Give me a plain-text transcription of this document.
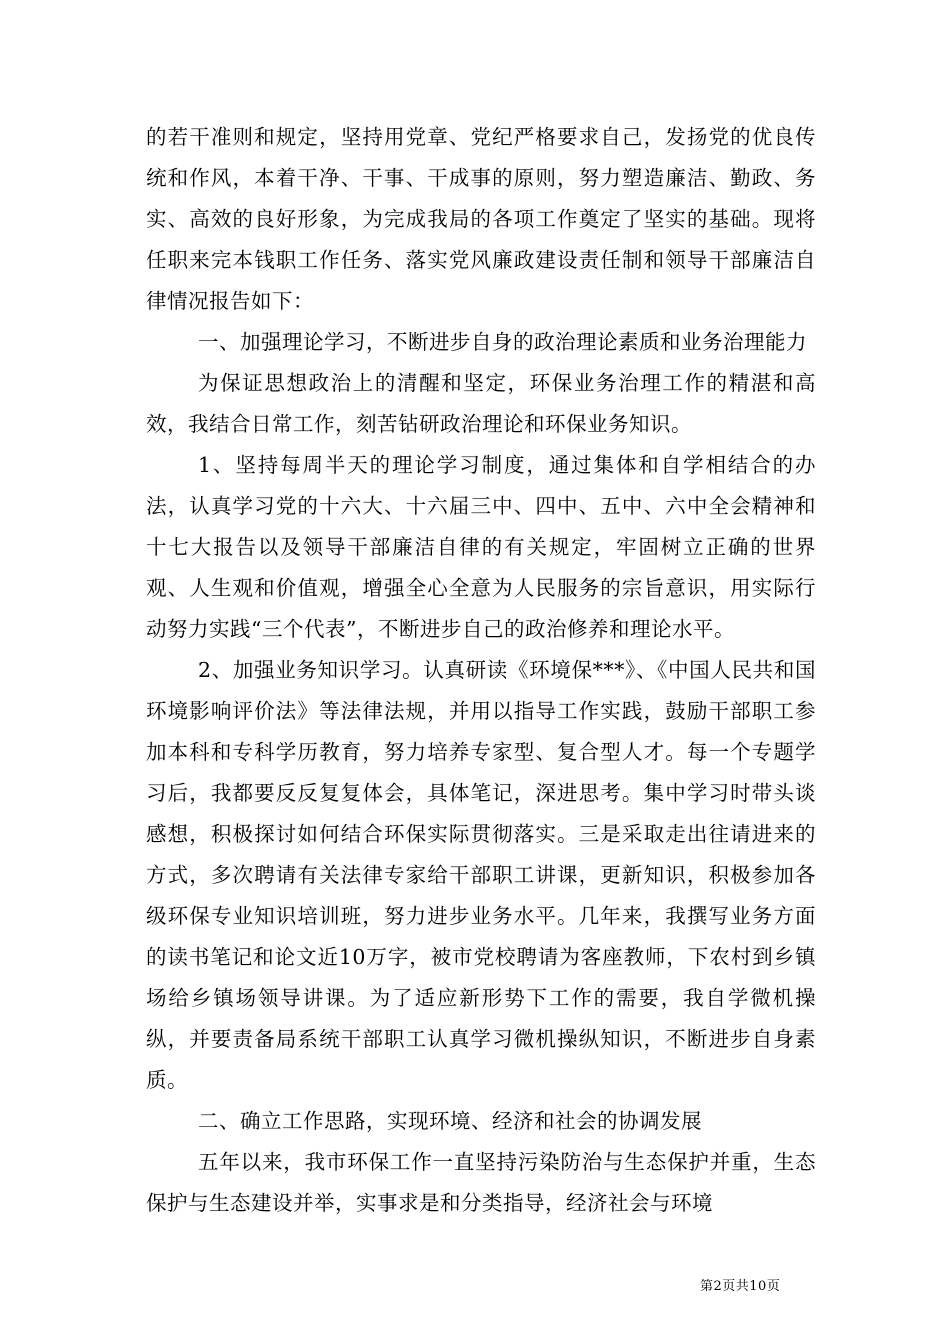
的若干准则和规定，坚持用党章、党纪严格要求自己，发扬党的优良传统和作风，本着干净、干事、干成事的原则，努力塑造廉洁、勤政、务实、高效的良好形象，为完成我局的各项工作奠定了坚实的基础。现将任职来完本钱职工作任务、落实党风廉政建设责任制和领导干部廉洁自律情况报告如下：

一、加强理论学习，不断进步自身的政治理论素质和业务治理能力

为保证思想政治上的清醒和坚定，环保业务治理工作的精湛和高效，我结合日常工作，刻苦钻研政治理论和环保业务知识。

1、坚持每周半天的理论学习制度，通过集体和自学相结合的办法，认真学习党的十六大、十六届三中、四中、五中、六中全会精神和十七大报告以及领导干部廉洁自律的有关规定，牢固树立正确的世界观、人生观和价值观，增强全心全意为人民服务的宗旨意识，用实际行动努力实践“三个代表”，不断进步自己的政治修养和理论水平。

2、加强业务知识学习。认真研读《环境保***》、《中国人民共和国环境影响评价法》等法律法规，并用以指导工作实践，鼓励干部职工参加本科和专科学历教育，努力培养专家型、复合型人才。每一个专题学习后，我都要反反复复体会，具体笔记，深进思考。集中学习时带头谈感想，积极探讨如何结合环保实际贯彻落实。三是采取走出往请进来的方式，多次聘请有关法律专家给干部职工讲课，更新知识，积极参加各级环保专业知识培训班，努力进步业务水平。几年来，我撰写业务方面的读书笔记和论文近10万字，被市党校聘请为客座教师，下农村到乡镇场给乡镇场领导讲课。为了适应新形势下工作的需要，我自学微机操纵，并要责备局系统干部职工认真学习微机操纵知识，不断进步自身素质。

二、确立工作思路，实现环境、经济和社会的协调发展

五年以来，我市环保工作一直坚持污染防治与生态保护并重，生态保护与生态建设并举，实事求是和分类指导，经济社会与环境

第2页共10页
